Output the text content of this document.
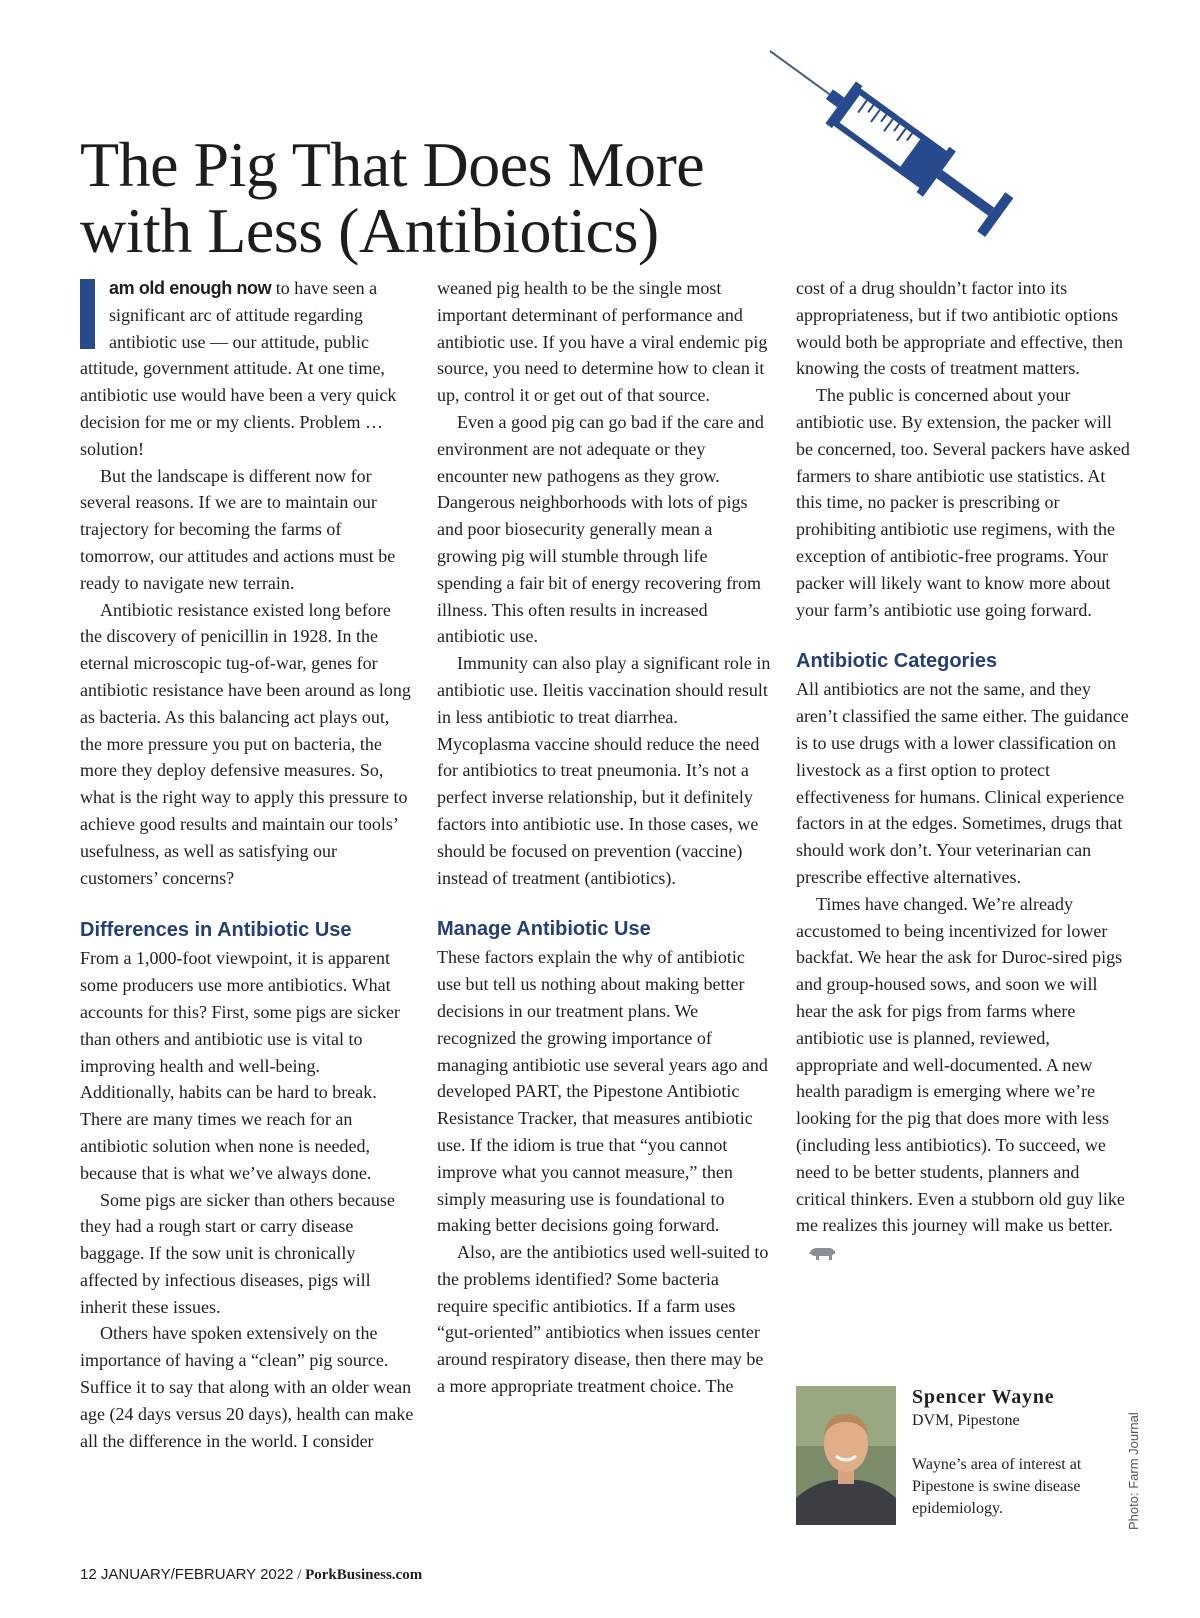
The Pig That Does More
with Less (Antibiotics)

am old enough now to have seen a significant arc of attitude regarding antibiotic use — our attitude, public attitude, government attitude. At one time, antibiotic use would have been a very quick decision for me or my clients. Problem … solution!

But the landscape is different now for several reasons. If we are to maintain our trajectory for becoming the farms of tomorrow, our attitudes and actions must be ready to navigate new terrain.

Antibiotic resistance existed long before the discovery of penicillin in 1928. In the eternal microscopic tug-of-war, genes for antibiotic resistance have been around as long as bacteria. As this balancing act plays out, the more pressure you put on bacteria, the more they deploy defensive measures. So, what is the right way to apply this pressure to achieve good results and maintain our tools’ usefulness, as well as satisfying our customers’ concerns?

Differences in Antibiotic Use

From a 1,000-foot viewpoint, it is apparent some producers use more antibiotics. What accounts for this? First, some pigs are sicker than others and antibiotic use is vital to improving health and well-being. Additionally, habits can be hard to break. There are many times we reach for an antibiotic solution when none is needed, because that is what we’ve always done.

Some pigs are sicker than others because they had a rough start or carry disease baggage. If the sow unit is chronically affected by infectious diseases, pigs will inherit these issues.

Others have spoken extensively on the importance of having a “clean” pig source. Suffice it to say that along with an older wean age (24 days versus 20 days), health can make all the difference in the world. I consider

weaned pig health to be the single most important determinant of performance and antibiotic use. If you have a viral endemic pig source, you need to determine how to clean it up, control it or get out of that source.

Even a good pig can go bad if the care and environment are not adequate or they encounter new pathogens as they grow. Dangerous neighborhoods with lots of pigs and poor biosecurity generally mean a growing pig will stumble through life spending a fair bit of energy recovering from illness. This often results in increased antibiotic use.

Immunity can also play a significant role in antibiotic use. Ileitis vaccination should result in less antibiotic to treat diarrhea. Mycoplasma vaccine should reduce the need for antibiotics to treat pneumonia. It’s not a perfect inverse relationship, but it definitely factors into antibiotic use. In those cases, we should be focused on prevention (vaccine) instead of treatment (antibiotics).

Manage Antibiotic Use

These factors explain the why of antibiotic use but tell us nothing about making better decisions in our treatment plans. We recognized the growing importance of managing antibiotic use several years ago and developed PART, the Pipestone Antibiotic Resistance Tracker, that measures antibiotic use. If the idiom is true that “you cannot improve what you cannot measure,” then simply measuring use is foundational to making better decisions going forward.

Also, are the antibiotics used well-suited to the problems identified? Some bacteria require specific antibiotics. If a farm uses “gut-oriented” antibiotics when issues center around respiratory disease, then there may be a more appropriate treatment choice. The

cost of a drug shouldn’t factor into its appropriateness, but if two antibiotic options would both be appropriate and effective, then knowing the costs of treatment matters.

The public is concerned about your antibiotic use. By extension, the packer will be concerned, too. Several packers have asked farmers to share antibiotic use statistics. At this time, no packer is prescribing or prohibiting antibiotic use regimens, with the exception of antibiotic-free programs. Your packer will likely want to know more about your farm’s antibiotic use going forward.

Antibiotic Categories

All antibiotics are not the same, and they aren’t classified the same either. The guidance is to use drugs with a lower classification on livestock as a first option to protect effectiveness for humans. Clinical experience factors in at the edges. Sometimes, drugs that should work don’t. Your veterinarian can prescribe effective alternatives.

Times have changed. We’re already accustomed to being incentivized for lower backfat. We hear the ask for Duroc-sired pigs and group-housed sows, and soon we will hear the ask for pigs from farms where antibiotic use is planned, reviewed, appropriate and well-documented. A new health paradigm is emerging where we’re looking for the pig that does more with less (including less antibiotics). To succeed, we need to be better students, planners and critical thinkers. Even a stubborn old guy like me realizes this journey will make us better.

Spencer Wayne
DVM, Pipestone
Wayne’s area of interest at Pipestone is swine disease epidemiology.	Photo: Farm Journal
12 JANUARY/FEBRUARY 2022 / PorkBusiness.com
